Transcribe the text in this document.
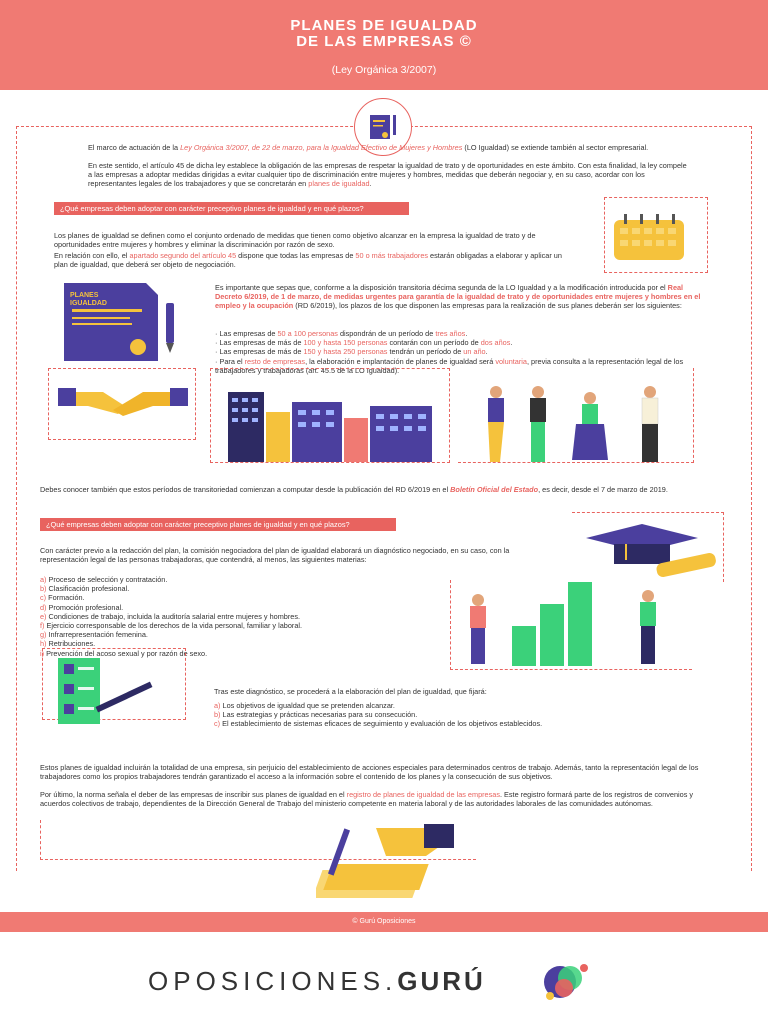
PLANES DE IGUALDAD
DE LAS EMPRESAS ©
(Ley Orgánica 3/2007)
El marco de actuación de la Ley Orgánica 3/2007, de 22 de marzo, para la Igualdad Efectivo de Mujeres y Hombres (LO Igualdad) se extiende también al sector empresarial.
En este sentido, el artículo 45 de dicha ley establece la obligación de las empresas de respetar la igualdad de trato y de oportunidades en este ámbito. Con esta finalidad, la ley compele a las empresas a adoptar medidas dirigidas a evitar cualquier tipo de discriminación entre mujeres y hombres, medidas que deberán negociar y, en su caso, acordar con los representantes legales de los trabajadores y que se concretarán en planes de igualdad.
¿Qué empresas deben adoptar con carácter preceptivo planes de igualdad y en qué plazos?
Los planes de igualdad se definen como el conjunto ordenado de medidas que tienen como objetivo alcanzar en la empresa la igualdad de trato y de oportunidades entre mujeres y hombres y eliminar la discriminación por razón de sexo.
En relación con ello, el apartado segundo del artículo 45 dispone que todas las empresas de 50 o más trabajadores estarán obligadas a elaborar y aplicar un plan de igualdad, que deberá ser objeto de negociación.
PLANES
IGUALDAD
Es importante que sepas que, conforme a la disposición transitoria décima segunda de la LO Igualdad y a la modificación introducida por el Real Decreto 6/2019, de 1 de marzo, de medidas urgentes para garantía de la igualdad de trato y de oportunidades entre mujeres y hombres en el empleo y la ocupación (RD 6/2019), los plazos de los que disponen las empresas para la realización de sus planes deberán ser los siguientes:
· Las empresas de 50 a 100 personas dispondrán de un período de tres años.
· Las empresas de más de 100 y hasta 150 personas contarán con un período de dos años.
· Las empresas de más de 150 y hasta 250 personas tendrán un período de un año.
· Para el resto de empresas, la elaboración e implantación de planes de igualdad será voluntaria, previa consulta a la representación legal de los trabajadores y trabajadoras (art. 45.5 de la LO Igualdad).
Debes conocer también que estos períodos de transitoriedad comienzan a computar desde la publicación del RD 6/2019 en el Boletín Oficial del Estado, es decir, desde el 7 de marzo de 2019.
¿Qué empresas deben adoptar con carácter preceptivo planes de igualdad y en qué plazos?
Con carácter previo a la redacción del plan, la comisión negociadora del plan de igualdad elaborará un diagnóstico negociado, en su caso, con la representación legal de las personas trabajadoras, que contendrá, al menos, las siguientes materias:
a) Proceso de selección y contratación.
b) Clasificación profesional.
c) Formación.
d) Promoción profesional.
e) Condiciones de trabajo, incluida la auditoría salarial entre mujeres y hombres.
f) Ejercicio corresponsable de los derechos de la vida personal, familiar y laboral.
g) Infrarrepresentación femenina.
h) Retribuciones.
i) Prevención del acoso sexual y por razón de sexo.
Tras este diagnóstico, se procederá a la elaboración del plan de igualdad, que fijará:
a) Los objetivos de igualdad que se pretenden alcanzar.
b) Las estrategias y prácticas necesarias para su consecución.
c) El establecimiento de sistemas eficaces de seguimiento y evaluación de los objetivos establecidos.
Estos planes de igualdad incluirán la totalidad de una empresa, sin perjuicio del establecimiento de acciones especiales para determinados centros de trabajo. Además, tanto la representación legal de los trabajadores como los propios trabajadores tendrán garantizado el acceso a la información sobre el contenido de los planes y la consecución de sus objetivos.
Por último, la norma señala el deber de las empresas de inscribir sus planes de igualdad en el registro de planes de igualdad de las empresas. Este registro formará parte de los registros de convenios y acuerdos colectivos de trabajo, dependientes de la Dirección General de Trabajo del ministerio competente en materia laboral y de las autoridades laborales de las comunidades autónomas.
© Gurú Oposiciones
OPOSICIONES.GURÚ
